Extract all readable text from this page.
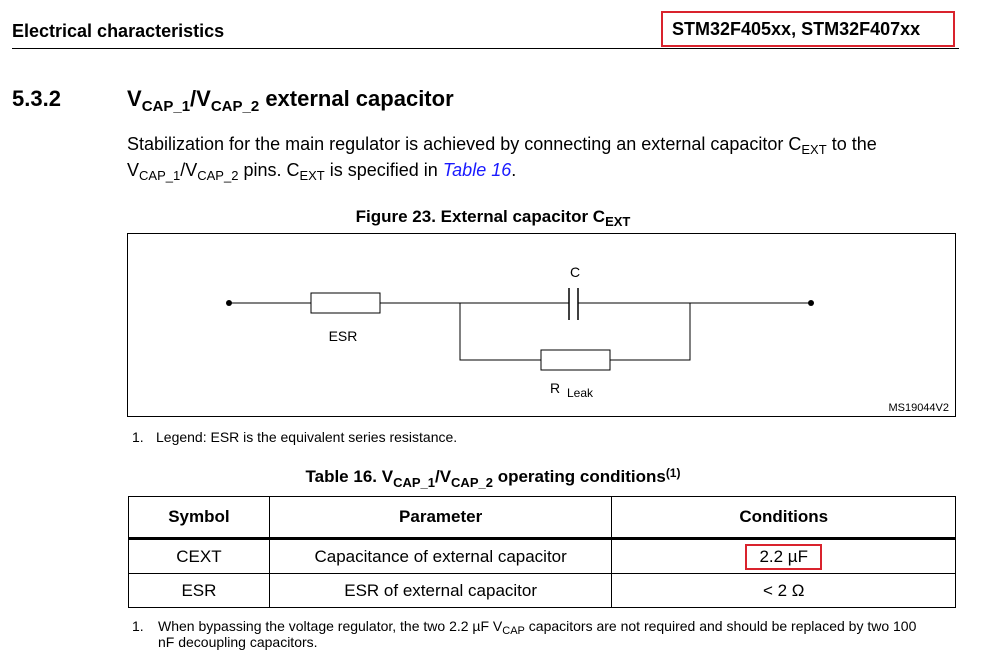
Electrical characteristics	STM32F405xx, STM32F407xx
5.3.2	$V_{CAP\_1}/V_{CAP\_2}$ external capacitor
Stabilization for the main regulator is achieved by connecting an external capacitor $C_{EXT}$ to the $V_{CAP\_1}/V_{CAP\_2}$ pins. $C_{EXT}$ is specified in Table 16.
Figure 23. External capacitor $C_{EXT}$
C
ESR
R Leak
MS19044V2
1. Legend: ESR is the equivalent series resistance.
Table 16. $V_{CAP\_1}/V_{CAP\_2}$ operating conditions$^{(1)}$
Symbol	Parameter	Conditions
CEXT	Capacitance of external capacitor	2.2 µF
ESR	ESR of external capacitor	< 2 Ω
1. When bypassing the voltage regulator, the two 2.2 µF $V_{CAP}$ capacitors are not required and should be replaced by two 100 nF decoupling capacitors.
